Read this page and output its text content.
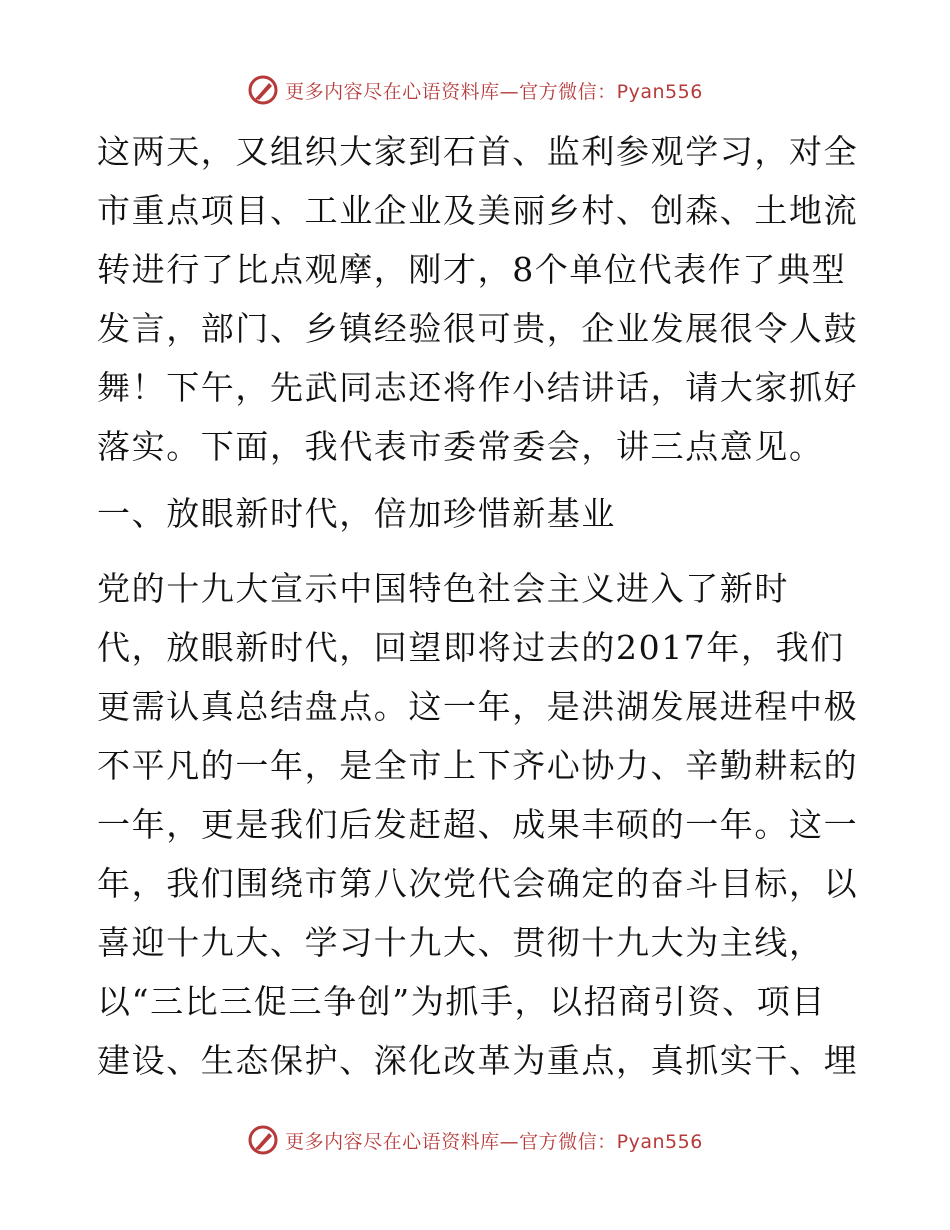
更多内容尽在心语资料库—官方微信：Pyan556
这两天，又组织大家到石首、监利参观学习，对全
市重点项目、工业企业及美丽乡村、创森、土地流
转进行了比点观摩，刚才，8个单位代表作了典型
发言，部门、乡镇经验很可贵，企业发展很令人鼓
舞！下午，先武同志还将作小结讲话，请大家抓好
落实。下面，我代表市委常委会，讲三点意见。
一、放眼新时代，倍加珍惜新基业
党的十九大宣示中国特色社会主义进入了新时
代，放眼新时代，回望即将过去的2017年，我们
更需认真总结盘点。这一年，是洪湖发展进程中极
不平凡的一年，是全市上下齐心协力、辛勤耕耘的
一年，更是我们后发赶超、成果丰硕的一年。这一
年，我们围绕市第八次党代会确定的奋斗目标，以
喜迎十九大、学习十九大、贯彻十九大为主线，
以“三比三促三争创”为抓手，以招商引资、项目
建设、生态保护、深化改革为重点，真抓实干、埋
更多内容尽在心语资料库—官方微信：Pyan556
